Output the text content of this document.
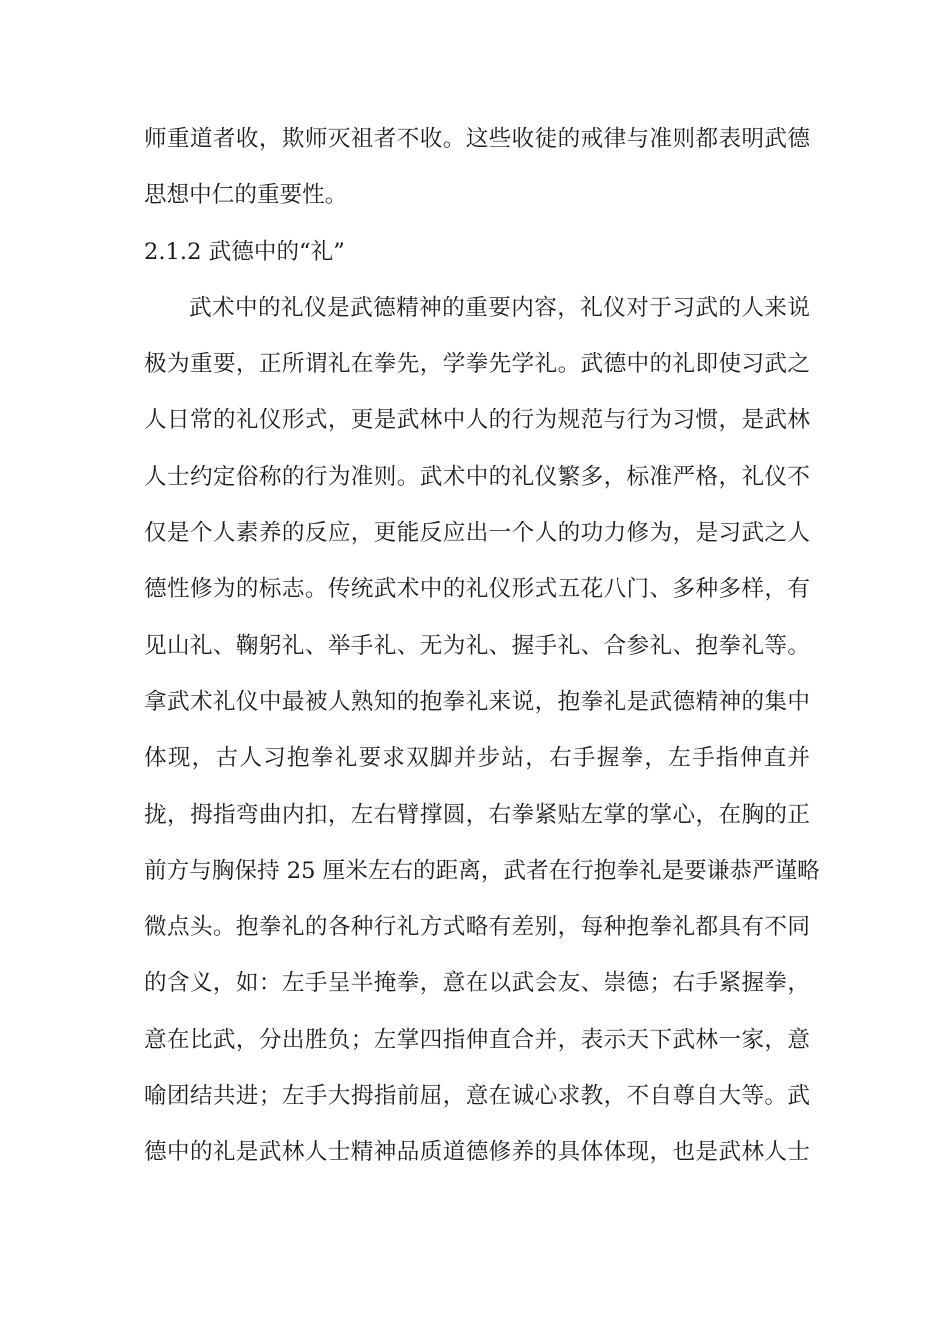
师重道者收，欺师灭祖者不收。这些收徒的戒律与准则都表明武德
思想中仁的重要性。
2.1.2 武德中的“礼”
武术中的礼仪是武德精神的重要内容，礼仪对于习武的人来说
极为重要，正所谓礼在拳先，学拳先学礼。武德中的礼即使习武之
人日常的礼仪形式，更是武林中人的行为规范与行为习惯，是武林
人士约定俗称的行为准则。武术中的礼仪繁多，标准严格，礼仪不
仅是个人素养的反应，更能反应出一个人的功力修为，是习武之人
德性修为的标志。传统武术中的礼仪形式五花八门、多种多样，有
见山礼、鞠躬礼、举手礼、无为礼、握手礼、合参礼、抱拳礼等。
拿武术礼仪中最被人熟知的抱拳礼来说，抱拳礼是武德精神的集中
体现，古人习抱拳礼要求双脚并步站，右手握拳，左手指伸直并
拢，拇指弯曲内扣，左右臂撑圆，右拳紧贴左掌的掌心，在胸的正
前方与胸保持 25 厘米左右的距离，武者在行抱拳礼是要谦恭严谨略
微点头。抱拳礼的各种行礼方式略有差别，每种抱拳礼都具有不同
的含义，如：左手呈半掩拳，意在以武会友、崇德；右手紧握拳，
意在比武，分出胜负；左掌四指伸直合并，表示天下武林一家，意
喻团结共进；左手大拇指前屈，意在诚心求教，不自尊自大等。武
德中的礼是武林人士精神品质道德修养的具体体现，也是武林人士
